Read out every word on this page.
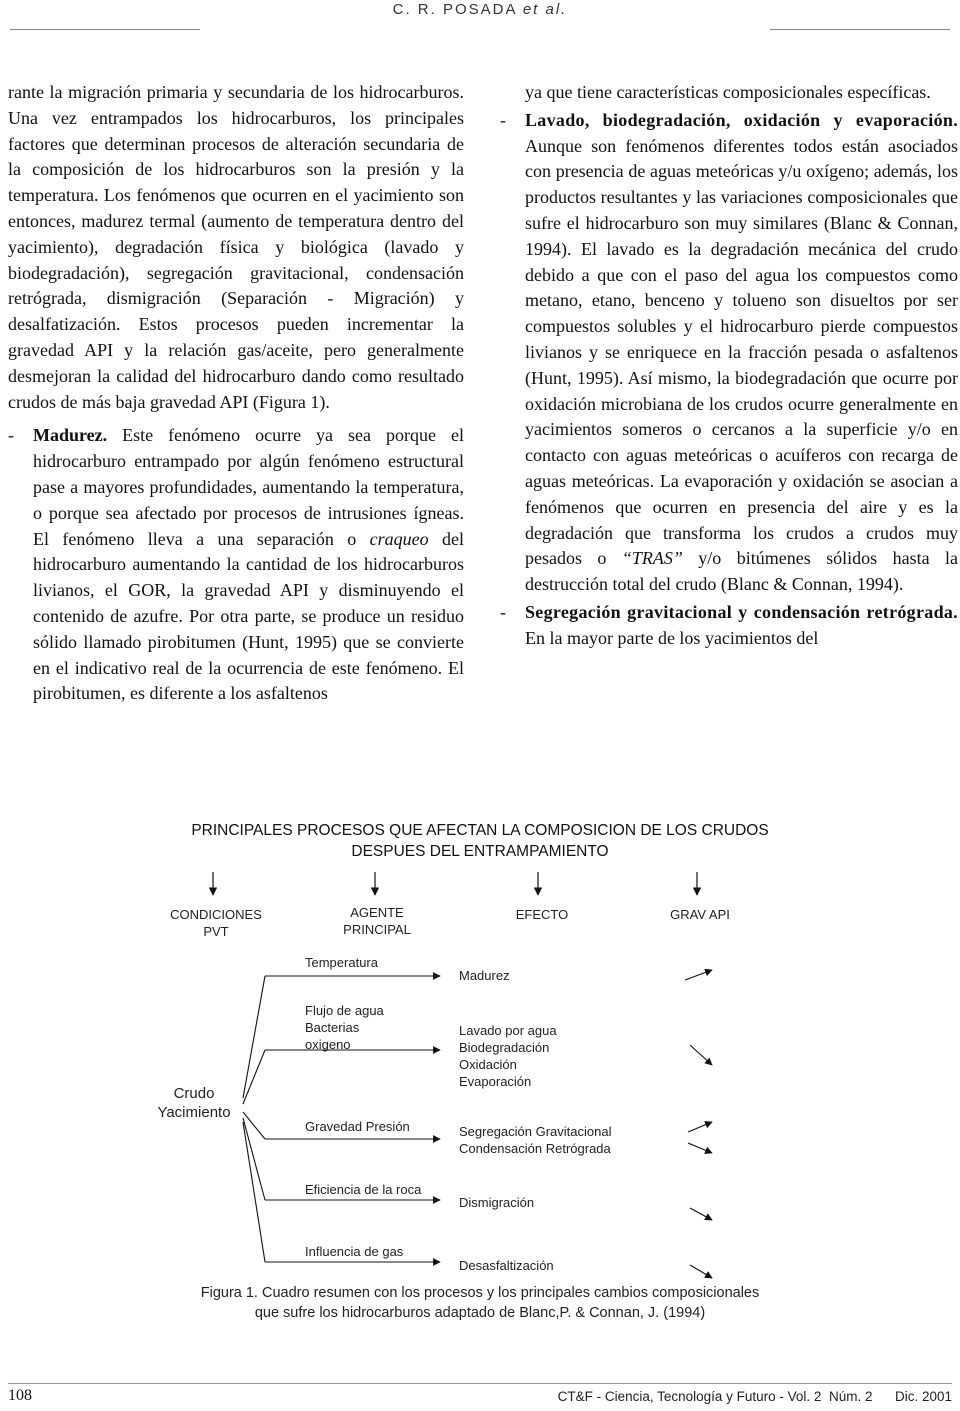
C. R. POSADA et al.

rante la migración primaria y secundaria de los hidrocarburos. Una vez entrampados los hidrocarburos, los principales factores que determinan procesos de alteración secundaria de la composición de los hidrocarburos son la presión y la temperatura. Los fenómenos que ocurren en el yacimiento son entonces, madurez termal (aumento de temperatura dentro del yacimiento), degradación física y biológica (lavado y biodegradación), segregación gravitacional, condensación retrógrada, dismigración (Separación - Migración) y desalfatización. Estos procesos pueden incrementar la gravedad API y la relación gas/aceite, pero generalmente desmejoran la calidad del hidrocarburo dando como resultado crudos de más baja gravedad API (Figura 1).

- Madurez. Este fenómeno ocurre ya sea porque el hidrocarburo entrampado por algún fenómeno estructural pase a mayores profundidades, aumentando la temperatura, o porque sea afectado por procesos de intrusiones ígneas. El fenómeno lleva a una separación o craqueo del hidrocarburo aumentando la cantidad de los hidrocarburos livianos, el GOR, la gravedad API y disminuyendo el contenido de azufre. Por otra parte, se produce un residuo sólido llamado pirobitumen (Hunt, 1995) que se convierte en el indicativo real de la ocurrencia de este fenómeno. El pirobitumen, es diferente a los asfaltenos

ya que tiene características composicionales específicas.

- Lavado, biodegradación, oxidación y evaporación. Aunque son fenómenos diferentes todos están asociados con presencia de aguas meteóricas y/u oxígeno; además, los productos resultantes y las variaciones composicionales que sufre el hidrocarburo son muy similares (Blanc & Connan, 1994). El lavado es la degradación mecánica del crudo debido a que con el paso del agua los compuestos como metano, etano, benceno y tolueno son disueltos por ser compuestos solubles y el hidrocarburo pierde compuestos livianos y se enriquece en la fracción pesada o asfaltenos (Hunt, 1995). Así mismo, la biodegradación que ocurre por oxidación microbiana de los crudos ocurre generalmente en yacimientos someros o cercanos a la superficie y/o en contacto con aguas meteóricas o acuíferos con recarga de aguas meteóricas. La evaporación y oxidación se asocian a fenómenos que ocurren en presencia del aire y es la degradación que transforma los crudos a crudos muy pesados o “TRAS” y/o bitúmenes sólidos hasta la destrucción total del crudo (Blanc & Connan, 1994).

- Segregación gravitacional y condensación retrógrada. En la mayor parte de los yacimientos del

PRINCIPALES PROCESOS QUE AFECTAN LA COMPOSICION DE LOS CRUDOS
DESPUES DEL ENTRAMPAMIENTO
CONDICIONES
PVT
AGENTE
PRINCIPAL
EFECTO	GRAV API
Crudo
Yacimiento
Temperatura
Flujo de agua
Bacterias
oxigeno
Gravedad Presión
Eficiencia de la roca
Influencia de gas
Madurez
Lavado por agua
Biodegradación
Oxidación
Evaporación
Segregación Gravitacional
Condensación Retrógrada
Dismigración
Desasfaltización
Figura 1. Cuadro resumen con los procesos y los principales cambios composicionales
que sufre los hidrocarburos adaptado de Blanc,P. & Connan, J. (1994)
108	CT&F - Ciencia, Tecnología y Futuro - Vol. 2  Núm. 2      Dic. 2001
